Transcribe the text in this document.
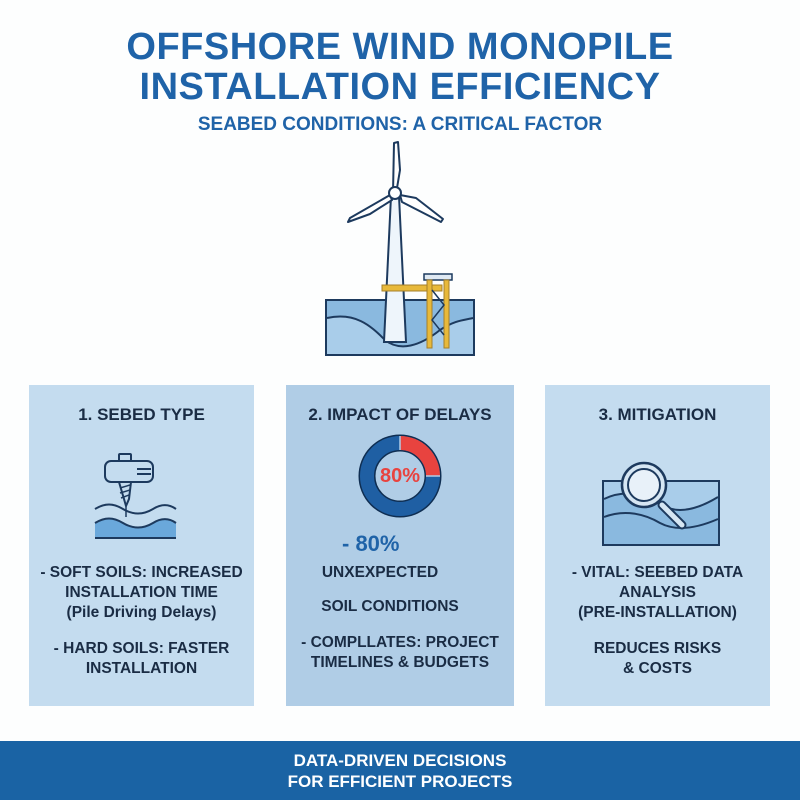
OFFSHORE WIND MONOPILE
INSTALLATION EFFICIENCY
SEABED CONDITIONS: A CRITICAL FACTOR
1. SEBED TYPE
- SOFT SOILS: INCREASED
INSTALLATION TIME
(Pile Driving Delays)
- HARD SOILS: FASTER
INSTALLATION
2. IMPACT OF DELAYS
80%
- 80%
UNXEXPECTED
SOIL CONDITIONS
- COMPLLATES: PROJECT
TIMELINES & BUDGETS
3. MITIGATION
- VITAL: SEEBED DATA
ANALYSIS
(PRE-INSTALLATION)
REDUCES RISKS
& COSTS
DATA-DRIVEN DECISIONS
FOR EFFICIENT PROJECTS
